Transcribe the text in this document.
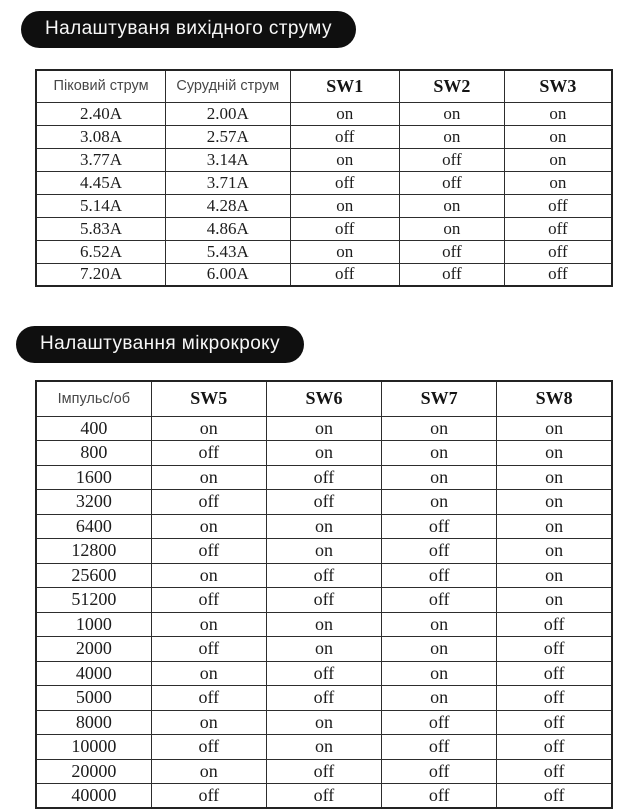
Налаштуваня вихідного струму
Піковий струм	Сурудній струм	SW1	SW2	SW3
2.40A	2.00A	on	on	on
3.08A	2.57A	off	on	on
3.77A	3.14A	on	off	on
4.45A	3.71A	off	off	on
5.14A	4.28A	on	on	off
5.83A	4.86A	off	on	off
6.52A	5.43A	on	off	off
7.20A	6.00A	off	off	off
Налаштування мікрокроку
Імпульс/об	SW5	SW6	SW7	SW8
400	on	on	on	on
800	off	on	on	on
1600	on	off	on	on
3200	off	off	on	on
6400	on	on	off	on
12800	off	on	off	on
25600	on	off	off	on
51200	off	off	off	on
1000	on	on	on	off
2000	off	on	on	off
4000	on	off	on	off
5000	off	off	on	off
8000	on	on	off	off
10000	off	on	off	off
20000	on	off	off	off
40000	off	off	off	off
